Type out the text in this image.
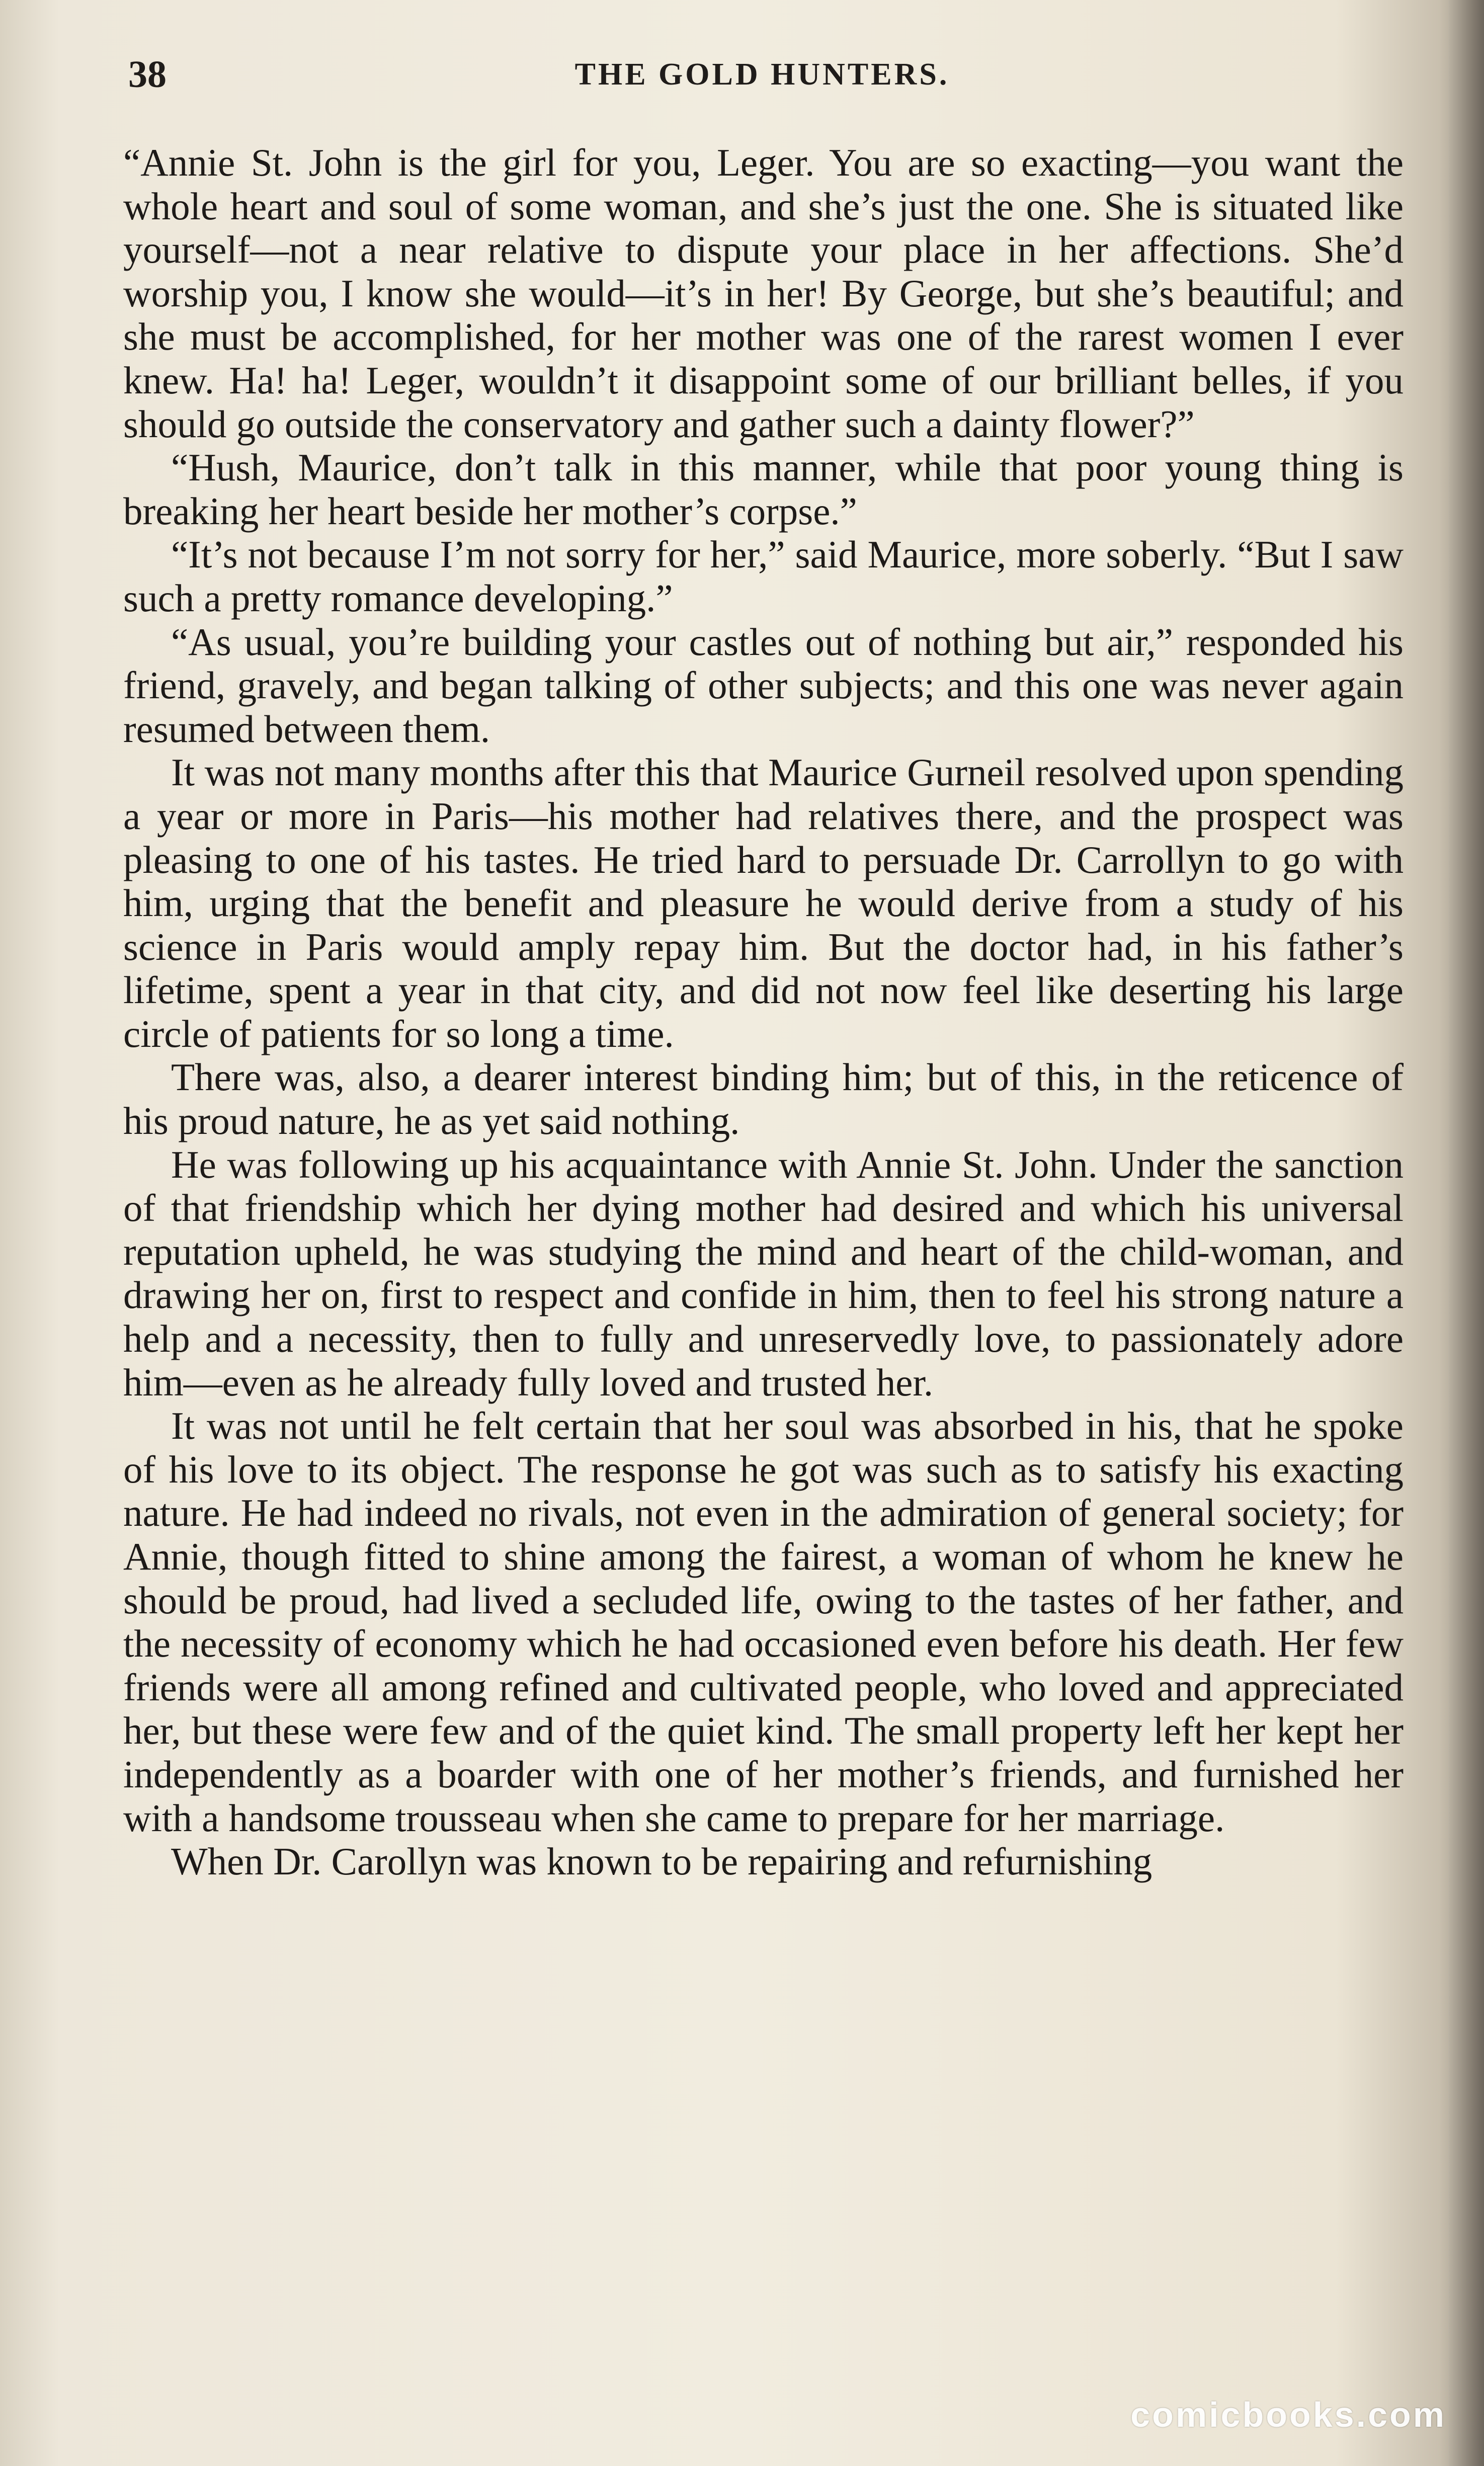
38	THE GOLD HUNTERS.

“Annie St. John is the girl for you, Leger. You are so exacting—you want the whole heart and soul of some woman, and she’s just the one. She is situated like yourself—not a near relative to dispute your place in her affections. She’d worship you, I know she would—it’s in her! By George, but she’s beautiful; and she must be accomplished, for her mother was one of the rarest women I ever knew. Ha! ha! Leger, wouldn’t it disappoint some of our brilliant belles, if you should go outside the conservatory and gather such a dainty flower?”

“Hush, Maurice, don’t talk in this manner, while that poor young thing is breaking her heart beside her mother’s corpse.”

“It’s not because I’m not sorry for her,” said Maurice, more soberly. “But I saw such a pretty romance developing.”

“As usual, you’re building your castles out of nothing but air,” responded his friend, gravely, and began talking of other subjects; and this one was never again resumed between them.

It was not many months after this that Maurice Gurneil resolved upon spending a year or more in Paris—his mother had relatives there, and the prospect was pleasing to one of his tastes. He tried hard to persuade Dr. Carrollyn to go with him, urging that the benefit and pleasure he would derive from a study of his science in Paris would amply repay him. But the doctor had, in his father’s lifetime, spent a year in that city, and did not now feel like deserting his large circle of patients for so long a time.

There was, also, a dearer interest binding him; but of this, in the reticence of his proud nature, he as yet said nothing.

He was following up his acquaintance with Annie St. John. Under the sanction of that friendship which her dying mother had desired and which his universal reputation upheld, he was studying the mind and heart of the child-woman, and drawing her on, first to respect and confide in him, then to feel his strong nature a help and a necessity, then to fully and unreservedly love, to passionately adore him—even as he already fully loved and trusted her.

It was not until he felt certain that her soul was absorbed in his, that he spoke of his love to its object. The response he got was such as to satisfy his exacting nature. He had indeed no rivals, not even in the admiration of general society; for Annie, though fitted to shine among the fairest, a woman of whom he knew he should be proud, had lived a secluded life, owing to the tastes of her father, and the necessity of economy which he had occasioned even before his death. Her few friends were all among refined and cultivated people, who loved and appreciated her, but these were few and of the quiet kind. The small property left her kept her independently as a boarder with one of her mother’s friends, and furnished her with a handsome trousseau when she came to prepare for her marriage.

When Dr. Carollyn was known to be repairing and refurnishing

comicbooks.com
